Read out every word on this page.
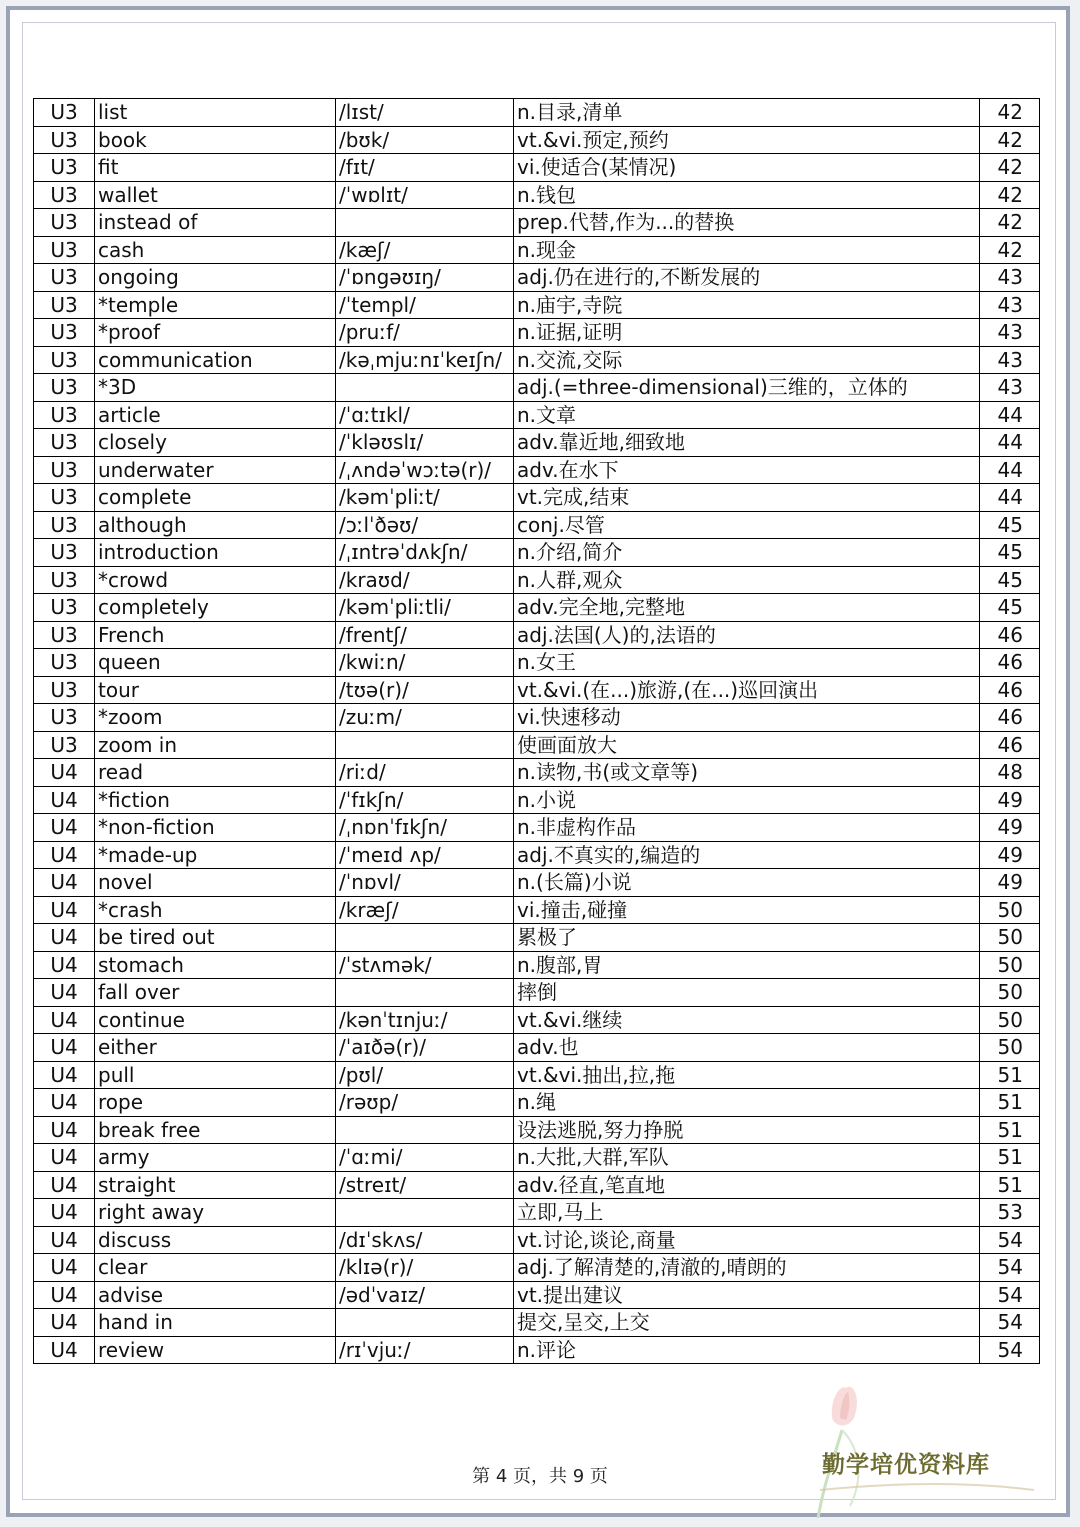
U3	list	/lɪst/	n.目录,清单	42
U3	book	/bʊk/	vt.&vi.预定,预约	42
U3	fit	/fɪt/	vi.使适合(某情况)	42
U3	wallet	/ˈwɒlɪt/	n.钱包	42
U3	instead of		prep.代替,作为...的替换	42
U3	cash	/kæʃ/	n.现金	42
U3	ongoing	/ˈɒngəʊɪŋ/	adj.仍在进行的,不断发展的	43
U3	*temple	/ˈtempl/	n.庙宇,寺院	43
U3	*proof	/pruːf/	n.证据,证明	43
U3	communication	/kəˌmjuːnɪˈkeɪʃn/	n.交流,交际	43
U3	*3D		adj.(=three-dimensional)三维的，立体的	43
U3	article	/ˈɑːtɪkl/	n.文章	44
U3	closely	/ˈkləʊslɪ/	adv.靠近地,细致地	44
U3	underwater	/ˌʌndəˈwɔːtə(r)/	adv.在水下	44
U3	complete	/kəmˈpliːt/	vt.完成,结束	44
U3	although	/ɔːlˈðəʊ/	conj.尽管	45
U3	introduction	/ˌɪntrəˈdʌkʃn/	n.介绍,简介	45
U3	*crowd	/kraʊd/	n.人群,观众	45
U3	completely	/kəmˈpliːtli/	adv.完全地,完整地	45
U3	French	/frentʃ/	adj.法国(人)的,法语的	46
U3	queen	/kwiːn/	n.女王	46
U3	tour	/tʊə(r)/	vt.&vi.(在...)旅游,(在...)巡回演出	46
U3	*zoom	/zuːm/	vi.快速移动	46
U3	zoom in		使画面放大	46
U4	read	/riːd/	n.读物,书(或文章等)	48
U4	*fiction	/ˈfɪkʃn/	n.小说	49
U4	*non-fiction	/ˌnɒnˈfɪkʃn/	n.非虚构作品	49
U4	*made-up	/ˈmeɪd ʌp/	adj.不真实的,编造的	49
U4	novel	/ˈnɒvl/	n.(长篇)小说	49
U4	*crash	/kræʃ/	vi.撞击,碰撞	50
U4	be tired out		累极了	50
U4	stomach	/ˈstʌmək/	n.腹部,胃	50
U4	fall over		摔倒	50
U4	continue	/kənˈtɪnjuː/	vt.&vi.继续	50
U4	either	/ˈaɪðə(r)/	adv.也	50
U4	pull	/pʊl/	vt.&vi.抽出,拉,拖	51
U4	rope	/rəʊp/	n.绳	51
U4	break free		设法逃脱,努力挣脱	51
U4	army	/ˈɑːmi/	n.大批,大群,军队	51
U4	straight	/streɪt/	adv.径直,笔直地	51
U4	right away		立即,马上	53
U4	discuss	/dɪˈskʌs/	vt.讨论,谈论,商量	54
U4	clear	/klɪə(r)/	adj.了解清楚的,清澈的,晴朗的	54
U4	advise	/ədˈvaɪz/	vt.提出建议	54
U4	hand in		提交,呈交,上交	54
U4	review	/rɪˈvjuː/	n.评论	54
第 4 页，共 9 页	勤学培优资料库
